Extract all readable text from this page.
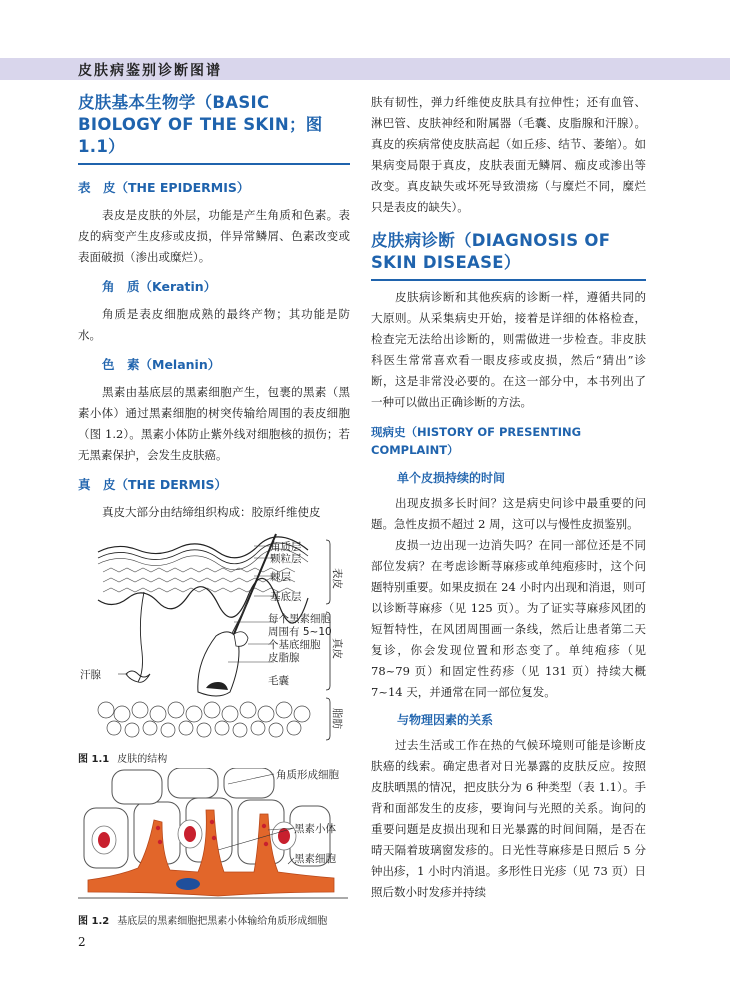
皮肤病鉴别诊断图谱
皮肤基本生物学（BASIC BIOLOGY OF THE SKIN；图 1.1）
表　皮（THE EPIDERMIS）

表皮是皮肤的外层，功能是产生角质和色素。表皮的病变产生皮疹或皮损，伴异常鳞屑、色素改变或表面破损（渗出或糜烂）。

角　质（Keratin）

角质是表皮细胞成熟的最终产物；其功能是防水。

色　素（Melanin）

黑素由基底层的黑素细胞产生，包裹的黑素（黑素小体）通过黑素细胞的树突传输给周围的表皮细胞（图 1.2）。黑素小体防止紫外线对细胞核的损伤；若无黑素保护，会发生皮肤癌。

真　皮（THE DERMIS）

真皮大部分由结缔组织构成：胶原纤维使皮

角质层
颗粒层
棘层
基底层
每个黑素细胞
周围有 5~10
个基底细胞
皮脂腺
毛囊
汗腺
表皮
真皮
脂肪
图 1.1 皮肤的结构
角质形成细胞
黑素小体
黑素细胞
图 1.2 基底层的黑素细胞把黑素小体输给角质形成细胞

肤有韧性，弹力纤维使皮肤具有拉伸性；还有血管、淋巴管、皮肤神经和附属器（毛囊、皮脂腺和汗腺）。真皮的疾病常使皮肤高起（如丘疹、结节、萎缩）。如果病变局限于真皮，皮肤表面无鳞屑、痂皮或渗出等改变。真皮缺失或坏死导致溃疡（与糜烂不同，糜烂只是表皮的缺失）。

皮肤病诊断（DIAGNOSIS OF SKIN DISEASE）

皮肤病诊断和其他疾病的诊断一样，遵循共同的大原则。从采集病史开始，接着是详细的体格检查，检查完无法给出诊断的，则需做进一步检查。非皮肤科医生常常喜欢看一眼皮疹或皮损，然后“猜出”诊断，这是非常没必要的。在这一部分中，本书列出了一种可以做出正确诊断的方法。

现病史（HISTORY OF PRESENTING COMPLAINT）
单个皮损持续的时间

出现皮损多长时间？这是病史问诊中最重要的问题。急性皮损不超过 2 周，这可以与慢性皮损鉴别。

皮损一边出现一边消失吗？在同一部位还是不同部位发病？在考虑诊断荨麻疹或单纯疱疹时，这个问题特别重要。如果皮损在 24 小时内出现和消退，则可以诊断荨麻疹（见 125 页）。为了证实荨麻疹风团的短暂特性，在风团周围画一条线，然后让患者第二天复诊，你会发现位置和形态变了。单纯疱疹（见 78~79 页）和固定性药疹（见 131 页）持续大概 7~14 天，并通常在同一部位复发。

与物理因素的关系

过去生活或工作在热的气候环境则可能是诊断皮肤癌的线索。确定患者对日光暴露的皮肤反应。按照皮肤晒黑的情况，把皮肤分为 6 种类型（表 1.1）。手背和面部发生的皮疹，要询问与光照的关系。询问的重要问题是皮损出现和日光暴露的时间间隔，是否在晴天隔着玻璃窗发疹的。日光性荨麻疹是日照后 5 分钟出疹，1 小时内消退。多形性日光疹（见 73 页）日照后数小时发疹并持续

2
